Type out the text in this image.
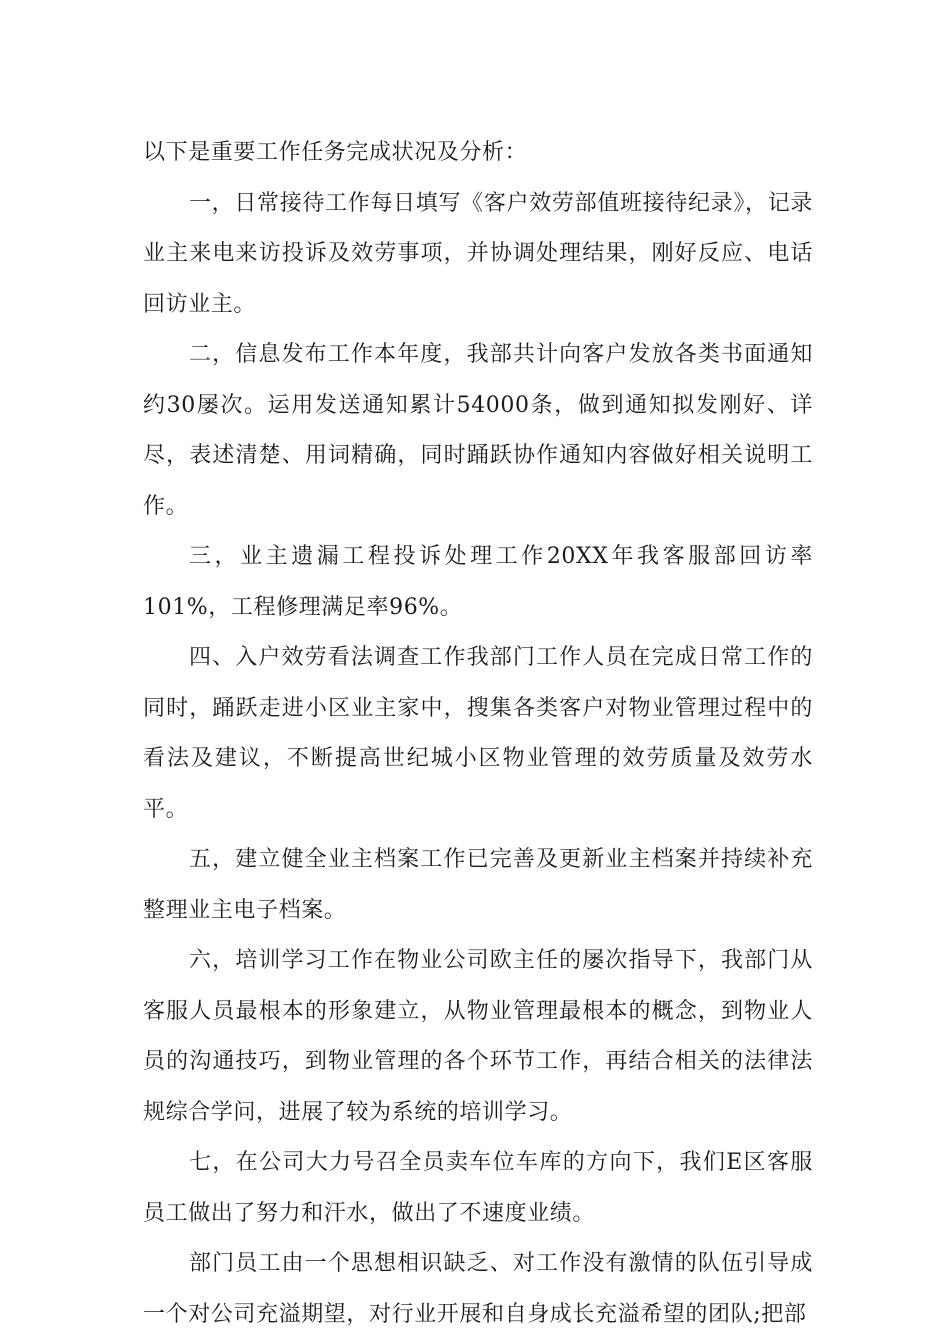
以下是重要工作任务完成状况及分析：

一，日常接待工作每日填写《客户效劳部值班接待纪录》，记录业主来电来访投诉及效劳事项，并协调处理结果，刚好反应、电话回访业主。

二，信息发布工作本年度，我部共计向客户发放各类书面通知约30屡次。运用发送通知累计54000条，做到通知拟发刚好、详尽，表述清楚、用词精确，同时踊跃协作通知内容做好相关说明工作。

三，业主遗漏工程投诉处理工作20XX年我客服部回访率101%，工程修理满足率96%。

四、入户效劳看法调查工作我部门工作人员在完成日常工作的同时，踊跃走进小区业主家中，搜集各类客户对物业管理过程中的看法及建议，不断提高世纪城小区物业管理的效劳质量及效劳水平。

五，建立健全业主档案工作已完善及更新业主档案并持续补充整理业主电子档案。

六，培训学习工作在物业公司欧主任的屡次指导下，我部门从客服人员最根本的形象建立，从物业管理最根本的概念，到物业人员的沟通技巧，到物业管理的各个环节工作，再结合相关的法律法规综合学问，进展了较为系统的培训学习。

七，在公司大力号召全员卖车位车库的方向下，我们E区客服员工做出了努力和汗水，做出了不速度业绩。

部门员工由一个思想相识缺乏、对工作没有激情的队伍引导成一个对公司充溢期望，对行业开展和自身成长充溢希望的团队;把部
